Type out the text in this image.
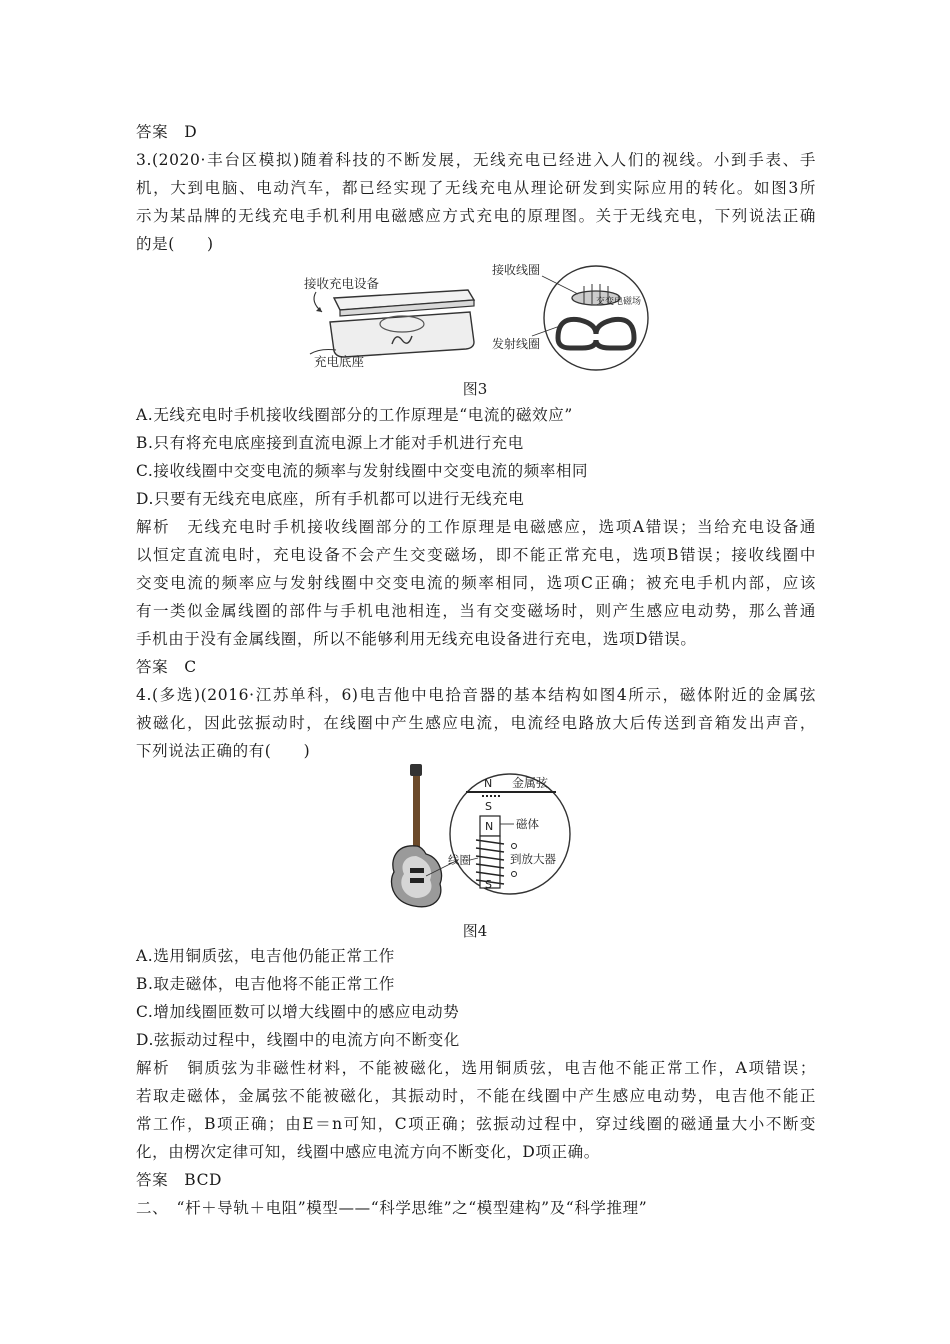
答案　D
3.(2020·丰台区模拟)随着科技的不断发展，无线充电已经进入人们的视线。小到手表、手
机，大到电脑、电动汽车，都已经实现了无线充电从理论研发到实际应用的转化。如图3所
示为某品牌的无线充电手机利用电磁感应方式充电的原理图。关于无线充电，下列说法正确
的是(　　)
接收充电设备
充电底座
接收线圈
交变电磁场
发射线圈
图3
A.无线充电时手机接收线圈部分的工作原理是“电流的磁效应”
B.只有将充电底座接到直流电源上才能对手机进行充电
C.接收线圈中交变电流的频率与发射线圈中交变电流的频率相同
D.只要有无线充电底座，所有手机都可以进行无线充电
解析　无线充电时手机接收线圈部分的工作原理是电磁感应，选项A错误；当给充电设备通
以恒定直流电时，充电设备不会产生交变磁场，即不能正常充电，选项B错误；接收线圈中
交变电流的频率应与发射线圈中交变电流的频率相同，选项C正确；被充电手机内部，应该
有一类似金属线圈的部件与手机电池相连，当有交变磁场时，则产生感应电动势，那么普通
手机由于没有金属线圈，所以不能够利用无线充电设备进行充电，选项D错误。
答案　C
4.(多选)(2016·江苏单科，6)电吉他中电拾音器的基本结构如图4所示，磁体附近的金属弦
被磁化，因此弦振动时，在线圈中产生感应电流，电流经电路放大后传送到音箱发出声音，
下列说法正确的有(　　)
N 金属弦
S
N 磁体
S
到放大器
线圈
图4
A.选用铜质弦，电吉他仍能正常工作
B.取走磁体，电吉他将不能正常工作
C.增加线圈匝数可以增大线圈中的感应电动势
D.弦振动过程中，线圈中的电流方向不断变化
解析　铜质弦为非磁性材料，不能被磁化，选用铜质弦，电吉他不能正常工作，A项错误；
若取走磁体，金属弦不能被磁化，其振动时，不能在线圈中产生感应电动势，电吉他不能正
常工作，B项正确；由E＝n可知，C项正确；弦振动过程中，穿过线圈的磁通量大小不断变
化，由楞次定律可知，线圈中感应电流方向不断变化，D项正确。
答案　BCD
二、　“杆＋导轨＋电阻”模型——“科学思维”之“模型建构”及“科学推理”
